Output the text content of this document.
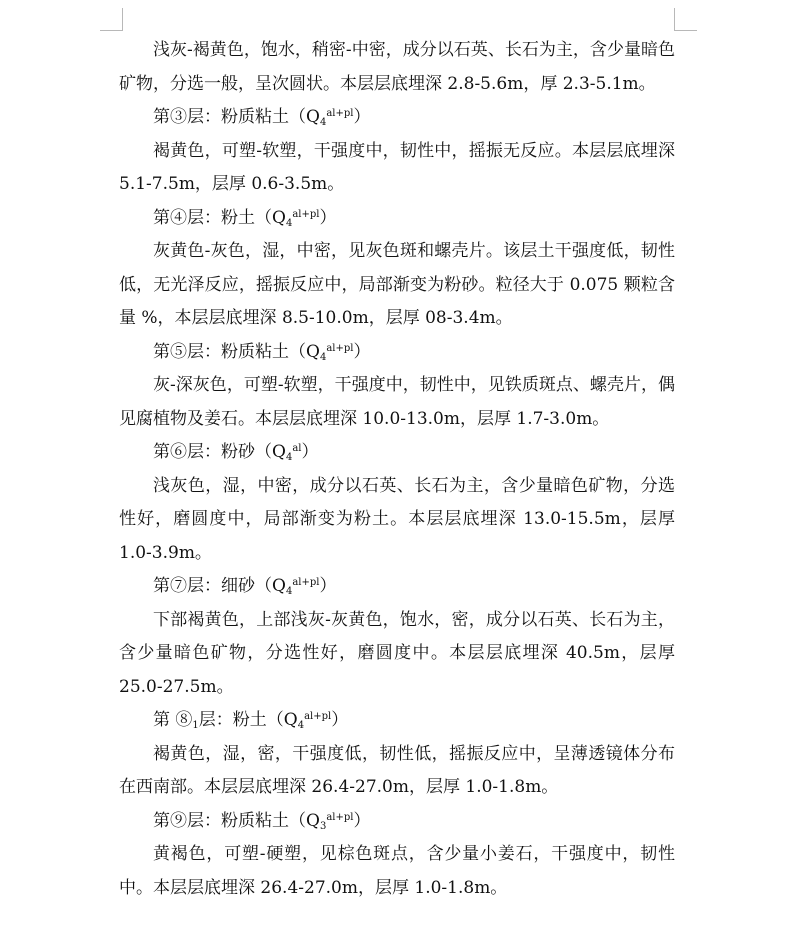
浅灰-褐黄色，饱水，稍密-中密，成分以石英、长石为主，含少量暗色矿物，分选一般，呈次圆状。本层层底埋深 2.8-5.6m，厚 2.3-5.1m。

第③层：粉质粘土$(Q_4^{al+pl})$

褐黄色，可塑-软塑，干强度中，韧性中，摇振无反应。本层层底埋深 5.1-7.5m，层厚 0.6-3.5m。

第④层：粉土$(Q_4^{al+pl})$

灰黄色-灰色，湿，中密，见灰色斑和螺壳片。该层土干强度低，韧性低，无光泽反应，摇振反应中，局部渐变为粉砂。粒径大于 0.075 颗粒含量 %，本层层底埋深 8.5-10.0m，层厚 08-3.4m。

第⑤层：粉质粘土$(Q_4^{al+pl})$

灰-深灰色，可塑-软塑，干强度中，韧性中，见铁质斑点、螺壳片，偶见腐植物及姜石。本层层底埋深 10.0-13.0m，层厚 1.7-3.0m。

第⑥层：粉砂$(Q_4^{al})$

浅灰色，湿，中密，成分以石英、长石为主，含少量暗色矿物，分选性好，磨圆度中，局部渐变为粉土。本层层底埋深 13.0-15.5m，层厚 1.0-3.9m。

第⑦层：细砂$(Q_4^{al+pl})$

下部褐黄色，上部浅灰-灰黄色，饱水，密，成分以石英、长石为主，含少量暗色矿物，分选性好，磨圆度中。本层层底埋深 40.5m，层厚 25.0-27.5m。

第 $⑧_1$层：粉土$(Q_4^{al+pl})$

褐黄色，湿，密，干强度低，韧性低，摇振反应中，呈薄透镜体分布在西南部。本层层底埋深 26.4-27.0m，层厚 1.0-1.8m。

第⑨层：粉质粘土$(Q_3^{al+pl})$

黄褐色，可塑-硬塑，见棕色斑点，含少量小姜石，干强度中，韧性中。本层层底埋深 26.4-27.0m，层厚 1.0-1.8m。
